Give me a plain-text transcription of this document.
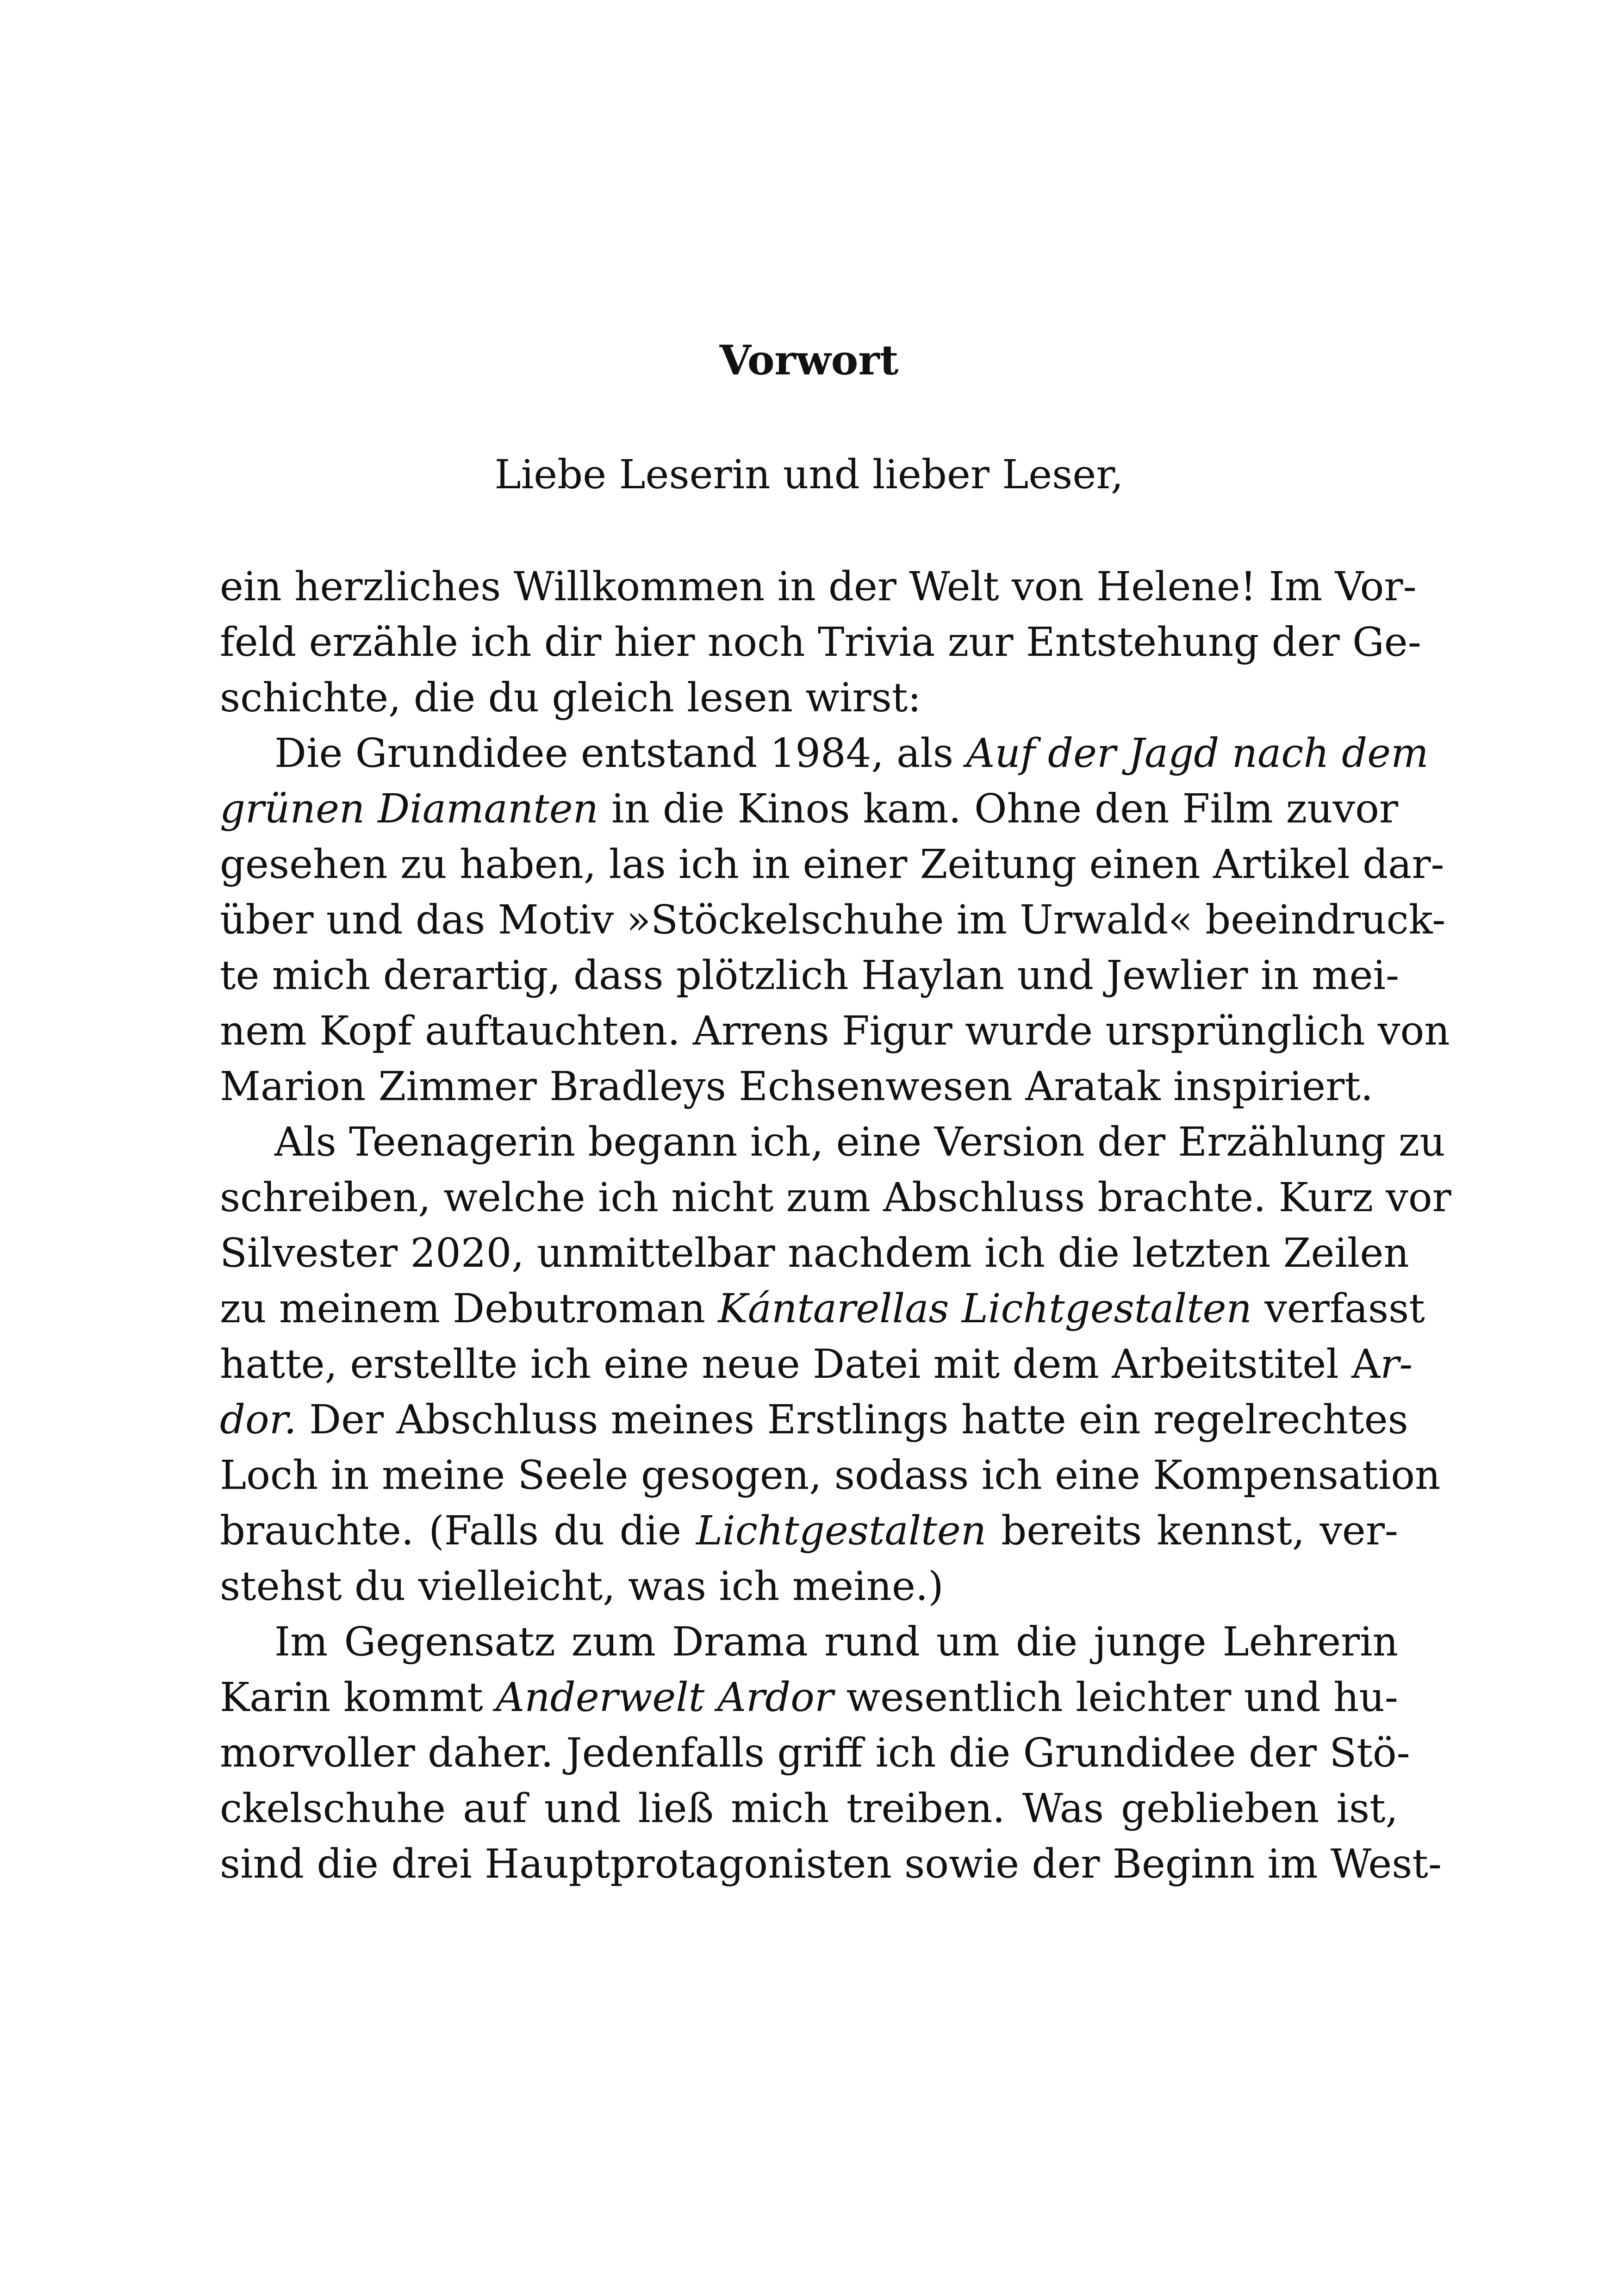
Vorwort
Liebe Leserin und lieber Leser,
ein herzliches Willkommen in der Welt von Helene! Im Vor-
feld erzähle ich dir hier noch Trivia zur Entstehung der Ge-
schichte, die du gleich lesen wirst:
Die Grundidee entstand 1984, als Auf der Jagd nach dem
grünen Diamanten in die Kinos kam. Ohne den Film zuvor
gesehen zu haben, las ich in einer Zeitung einen Artikel dar-
über und das Motiv »Stöckelschuhe im Urwald« beeindruck-
te mich derartig, dass plötzlich Haylan und Jewlier in mei-
nem Kopf auftauchten. Arrens Figur wurde ursprünglich von
Marion Zimmer Bradleys Echsenwesen Aratak inspiriert.
Als Teenagerin begann ich, eine Version der Erzählung zu
schreiben, welche ich nicht zum Abschluss brachte. Kurz vor
Silvester 2020, unmittelbar nachdem ich die letzten Zeilen
zu meinem Debutroman Kántarellas Lichtgestalten verfasst
hatte, erstellte ich eine neue Datei mit dem Arbeitstitel Ar-
dor. Der Abschluss meines Erstlings hatte ein regelrechtes
Loch in meine Seele gesogen, sodass ich eine Kompensation
brauchte. (Falls du die Lichtgestalten bereits kennst, ver-
stehst du vielleicht, was ich meine.)
Im Gegensatz zum Drama rund um die junge Lehrerin
Karin kommt Anderwelt Ardor wesentlich leichter und hu-
morvoller daher. Jedenfalls griff ich die Grundidee der Stö-
ckelschuhe auf und ließ mich treiben. Was geblieben ist,
sind die drei Hauptprotagonisten sowie der Beginn im West-
